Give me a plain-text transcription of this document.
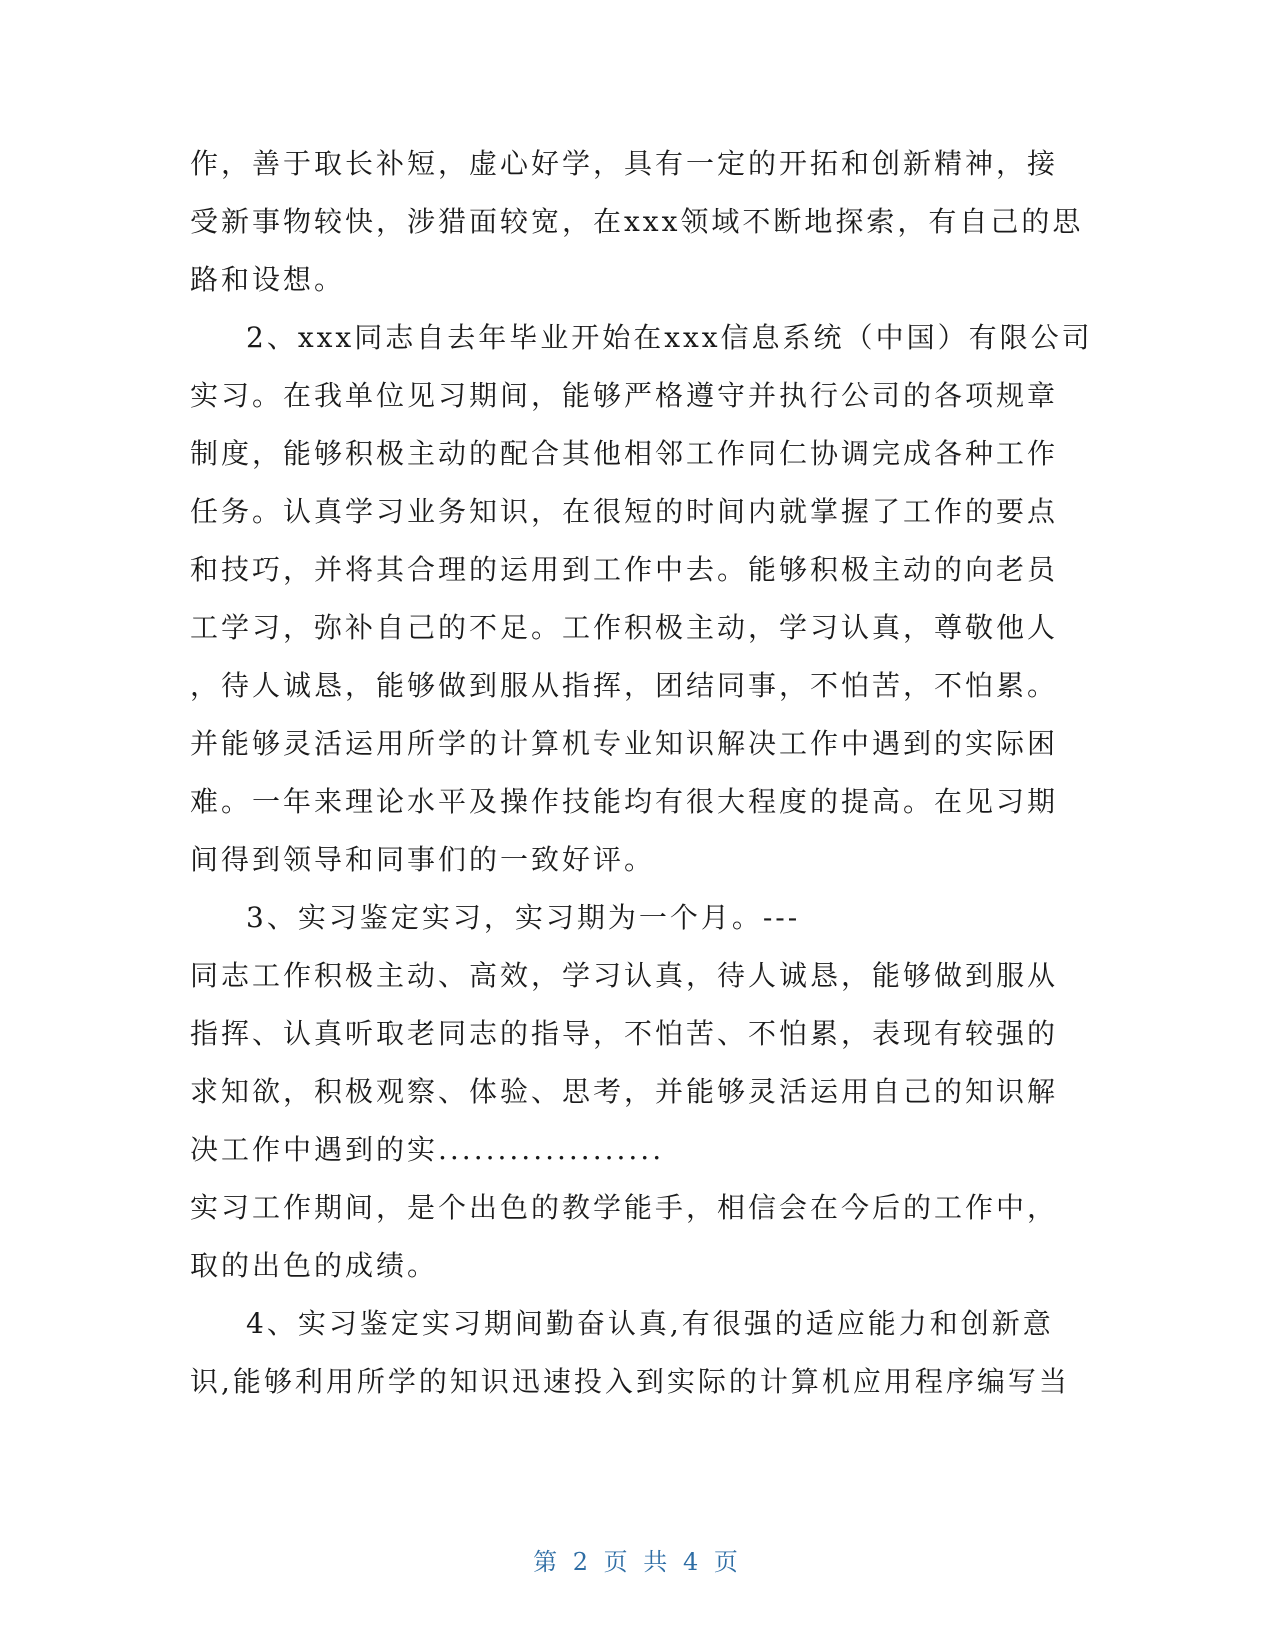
作，善于取长补短，虚心好学，具有一定的开拓和创新精神，接
受新事物较快，涉猎面较宽，在xxx领域不断地探索，有自己的思
路和设想。
2、xxx同志自去年毕业开始在xxx信息系统（中国）有限公司
实习。在我单位见习期间，能够严格遵守并执行公司的各项规章
制度，能够积极主动的配合其他相邻工作同仁协调完成各种工作
任务。认真学习业务知识，在很短的时间内就掌握了工作的要点
和技巧，并将其合理的运用到工作中去。能够积极主动的向老员
工学习，弥补自己的不足。工作积极主动，学习认真，尊敬他人
，待人诚恳，能够做到服从指挥，团结同事，不怕苦，不怕累。
并能够灵活运用所学的计算机专业知识解决工作中遇到的实际困
难。一年来理论水平及操作技能均有很大程度的提高。在见习期
间得到领导和同事们的一致好评。
3、实习鉴定实习，实习期为一个月。---
同志工作积极主动、高效，学习认真，待人诚恳，能够做到服从
指挥、认真听取老同志的指导，不怕苦、不怕累，表现有较强的
求知欲，积极观察、体验、思考，并能够灵活运用自己的知识解
决工作中遇到的实...................
实习工作期间，是个出色的教学能手，相信会在今后的工作中，
取的出色的成绩。
4、实习鉴定实习期间勤奋认真,有很强的适应能力和创新意
识,能够利用所学的知识迅速投入到实际的计算机应用程序编写当
第 2 页 共 4 页
